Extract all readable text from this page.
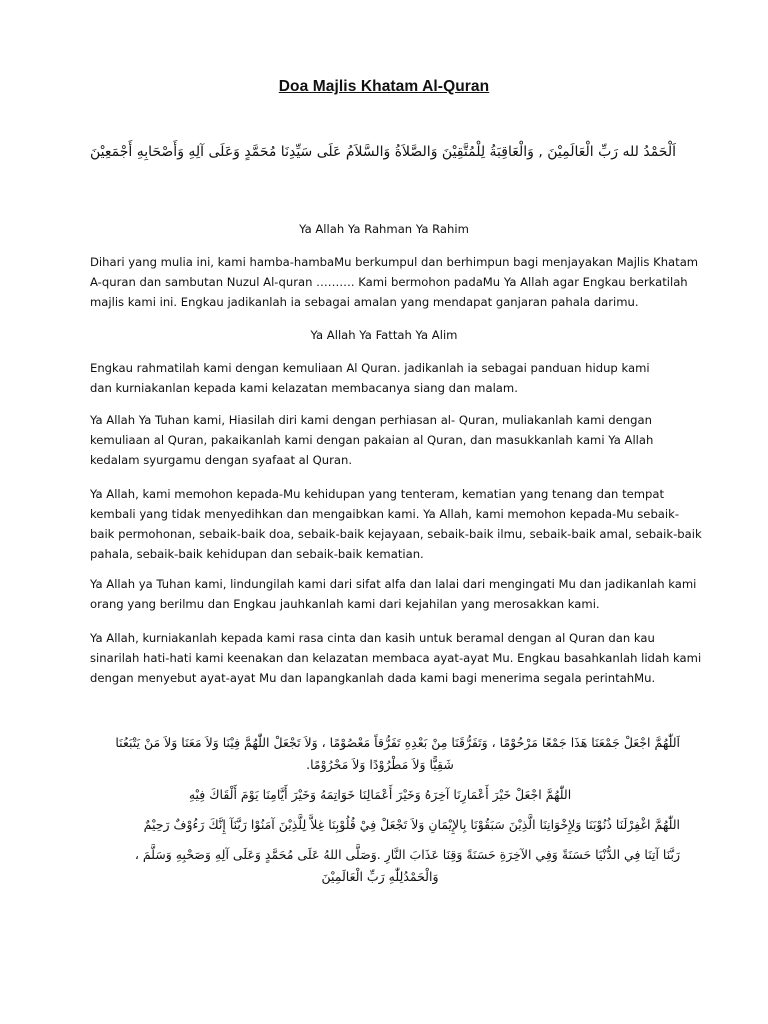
Doa Majlis Khatam Al-Quran
اَلْحَمْدُ لله رَبِّ الْعَالَمِيْنَ , وَالْعَاقِبَةُ لِلْمُتَّقِيْنَ وَالصَّلاَةُ وَالسَّلاَمُ عَلَى سَيِّدِنَا مُحَمَّدٍ وَعَلَى آلِهِ وَأَصْحَابِهِ أَجْمَعِيْنَ
Ya Allah Ya Rahman Ya Rahim
Dihari yang mulia ini, kami hamba-hambaMu berkumpul dan berhimpun bagi menjayakan Majlis Khatam
A-quran dan sambutan Nuzul Al-quran ………. Kami bermohon padaMu Ya Allah agar Engkau berkatilah
majlis kami ini. Engkau jadikanlah ia sebagai amalan yang mendapat ganjaran pahala darimu.
Ya Allah Ya Fattah Ya Alim
Engkau rahmatilah kami dengan kemuliaan Al Quran. jadikanlah ia sebagai panduan hidup kami
dan kurniakanlan kepada kami kelazatan membacanya siang dan malam.
Ya Allah Ya Tuhan kami, Hiasilah diri kami dengan perhiasan al- Quran, muliakanlah kami dengan
kemuliaan al Quran, pakaikanlah kami dengan pakaian al Quran, dan masukkanlah kami Ya Allah
kedalam syurgamu dengan syafaat al Quran.
Ya Allah, kami memohon kepada-Mu kehidupan yang tenteram, kematian yang tenang dan tempat
kembali yang tidak menyedihkan dan mengaibkan kami. Ya Allah, kami memohon kepada-Mu sebaik-
baik permohonan, sebaik-baik doa, sebaik-baik kejayaan, sebaik-baik ilmu, sebaik-baik amal, sebaik-baik
pahala, sebaik-baik kehidupan dan sebaik-baik kematian.
Ya Allah ya Tuhan kami, lindungilah kami dari sifat alfa dan lalai dari mengingati Mu dan jadikanlah kami
orang yang berilmu dan Engkau jauhkanlah kami dari kejahilan yang merosakkan kami.
Ya Allah, kurniakanlah kepada kami rasa cinta dan kasih untuk beramal dengan al Quran dan kau
sinarilah hati-hati kami keenakan dan kelazatan membaca ayat-ayat Mu. Engkau basahkanlah lidah kami
dengan menyebut ayat-ayat Mu dan lapangkanlah dada kami bagi menerima segala perintahMu.
اَللّٰهُمَّ اجْعَلْ جَمْعَنَا هَذَا جَمْعًا مَرْحُوْمًا ، وَتَفَرُّقَنَا مِنْ بَعْدِهِ تَفَرُّقاً مَعْصُوْمًا ، وَلاَ تَجْعَلْ اللّٰهُمَّ فِيْنَا وَلاَ مَعَنَا وَلاَ مَنْ يَتْبَعُنَا
شَقِيًّا وَلاَ مَطْرُوْدًا وَلاَ مَحْرُوْمًا.
اللّٰهُمَّ اجْعَلْ خَيْرَ أَعْمَارِنَا آخِرَهُ وَخَيْرَ أَعْمَالِنَا خَوَاتِمَهُ وَخَيْرَ أَيَّامِنَا يَوْمَ أَلْقَاكَ فِيْهِ
اللّٰهُمَّ اغْفِرْلَنَا ذُنُوْبَنَا وَلِإِخْوَانِنَا الَّذِيْنَ سَبَقُوْنَا بِالإِيْمَانِ وَلاَ تَجْعَلْ فِيْ قُلُوْبِنَا غِلاًّ لِلَّذِيْنَ آمَنُوْا رَبَّنَآ إِنَّكَ رَءُوْفٌ رَحِيْمٌ
رَبَّنَا آتِنَا فِي الدُّنْيَا حَسَنَةً وَفِي الآخِرَةِ حَسَنَةً وَقِنَا عَذَابَ النَّارِ .وَصَلَّى اللهُ عَلَى مُحَمَّدٍ وَعَلَى آلِهِ وَصَحْبِهِ وَسَلَّمَ ،
وَالْحَمْدُلِلّٰهِ رَبِّ الْعَالَمِيْنَ
